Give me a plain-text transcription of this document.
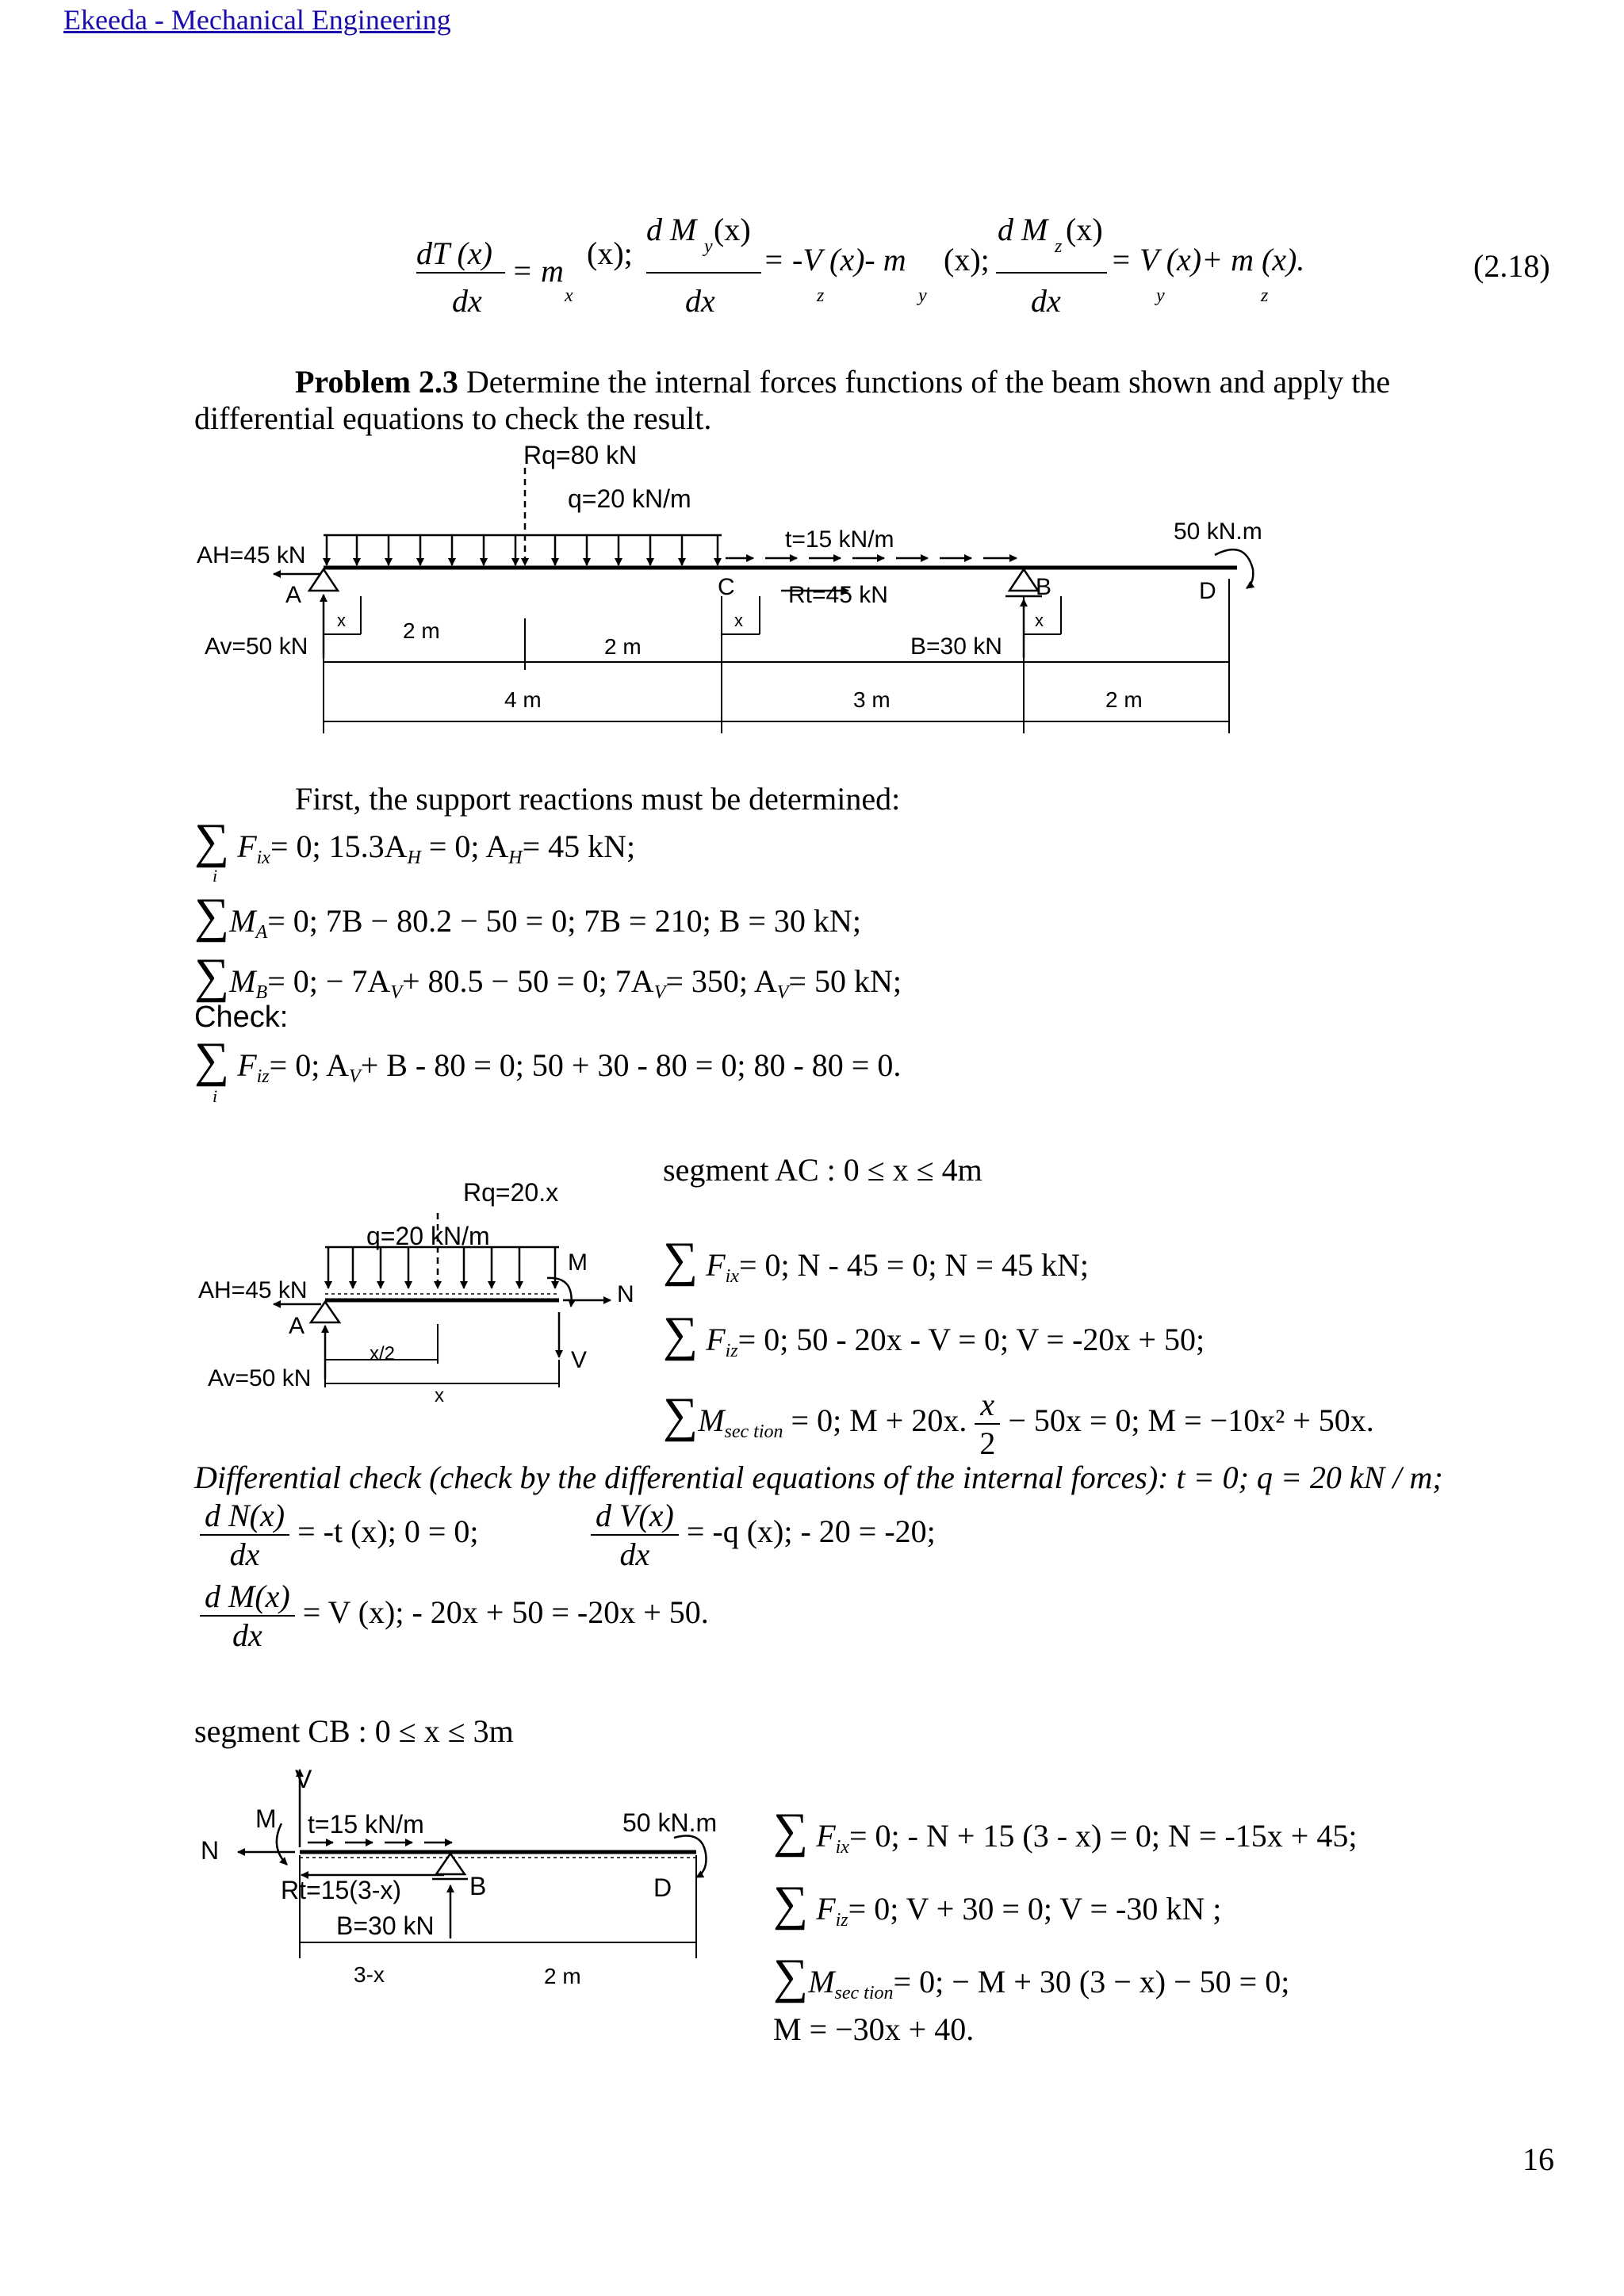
Ekeeda - Mechanical Engineering
dT (x)
dx
= m
x
(x);
d M y (x)
dx
= -V (x)- m
z	y
(x);
d M z (x)
dx
= V (x)+ m (x).
y	z
(2.18)
Problem 2.3 Determine the internal forces functions of the beam shown and apply the
differential equations to check the result.
Rq=80 kN
q=20 kN/m
t=15 kN/m	50 kN.m
AH=45 kN
Av=50 kN
A	C Rt=45 kN	B
B=30 kN
D
x	x	x
2 m
2 m
4 m	3 m	2 m
First, the support reactions must be determined:
∑ $F_{ix}= 0$; $15.3A_H = 0$; $A_H= 45$ kN;
i
$\sum M_A= 0$; 7B − 80.2 − 50 = 0; 7B = 210; B = 30 kN;
$\sum M_B= 0$; − $7A_V+ 80.5 - 50 = 0$; $7A_V= 350$; $A_V= 50$ kN;
Check:
∑ $F_{iz}= 0$; $A_V+ B - 80 = 0$; 50 + 30 - 80 = 0; 80 - 80 = 0.
i
segment AC : 0 ≤ x ≤ 4m
Rq=20.x
q=20 kN/m
AH=45 kN
Av=50 kN
A
M
N
V
x/2
x
∑ $F_{ix}= 0$; N - 45 = 0; N = 45 kN;
∑ $F_{iz}= 0$; 50 - 20x - V = 0; V = -20x + 50;
$\sum M_{sec tion} = 0$; M + 20x. $\frac{x}{2} - 50x = 0$; M = −10x² + 50x.
Differential check (check by the differential equations of the internal forces): t = 0; q = 20 kN / m;
$\frac{\text{d N(x)}}{dx} = -t$ (x); 0 = 0;	$\frac{\text{d V(x)}}{dx} = -q$ (x); - 20 = -20;
$\frac{\text{d M(x)}}{dx} = V$ (x); - 20x + 50 = -20x + 50.
segment CB : 0 ≤ x ≤ 3m
V
M
N
t=15 kN/m	50 kN.m
Rt=15(3-x)	B	D
B=30 kN
3-x	2 m
∑ $F_{ix}= 0$; - N + 15 (3 - x) = 0; N = -15x + 45;
∑ $F_{iz}= 0$; V + 30 = 0; V = -30 kN ;
$\sum M_{sec tion}= 0$; − M + 30 (3 − x) − 50 = 0;
M = −30x + 40.
16
